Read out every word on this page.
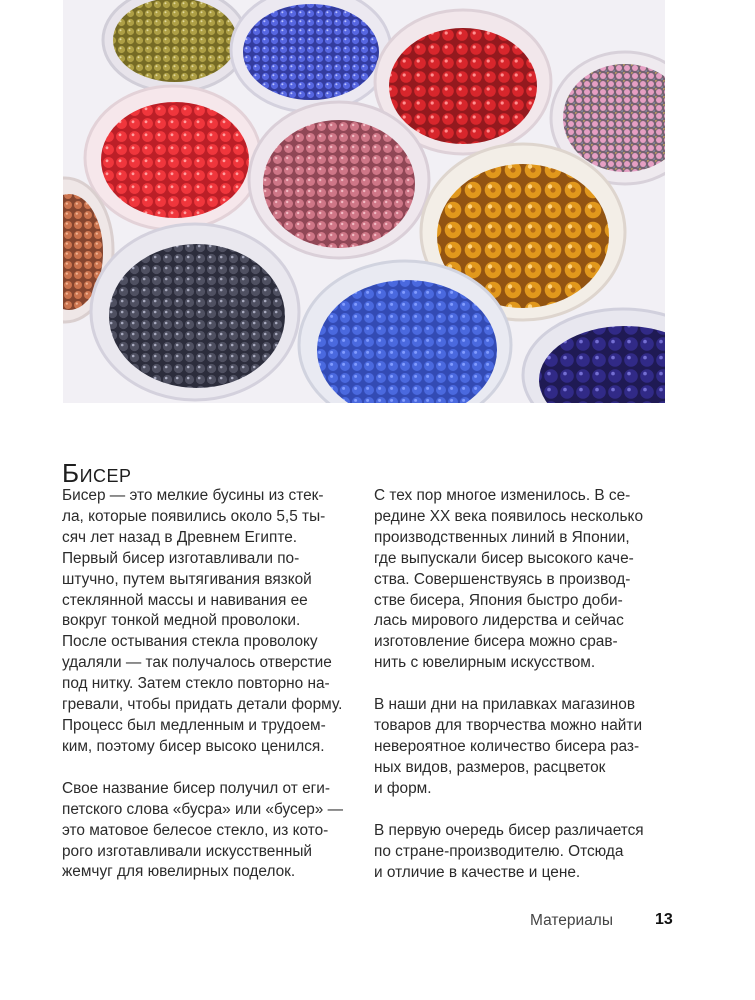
Бисер

Бисер — это мелкие бусины из стек-
ла, которые появились около 5,5 ты-
сяч лет назад в Древнем Египте.
Первый бисер изготавливали по-
штучно, путем вытягивания вязкой
стеклянной массы и навивания ее
вокруг тонкой медной проволоки.
После остывания стекла проволоку
удаляли — так получалось отверстие
под нитку. Затем стекло повторно на-
гревали, чтобы придать детали форму.
Процесс был медленным и трудоем-
ким, поэтому бисер высоко ценился.

Свое название бисер получил от еги-
петского слова «бусра» или «бусер» —
это матовое белесое стекло, из кото-
рого изготавливали искусственный
жемчуг для ювелирных поделок.

С тех пор многое изменилось. В се-
редине XX века появилось несколько
производственных линий в Японии,
где выпускали бисер высокого каче-
ства. Совершенствуясь в производ-
стве бисера, Япония быстро доби-
лась мирового лидерства и сейчас
изготовление бисера можно срав-
нить с ювелирным искусством.

В наши дни на прилавках магазинов
товаров для творчества можно найти
невероятное количество бисера раз-
ных видов, размеров, расцветок
и форм.

В первую очередь бисер различается
по стране-производителю. Отсюда
и отличие в качестве и цене.

Материалы	13
